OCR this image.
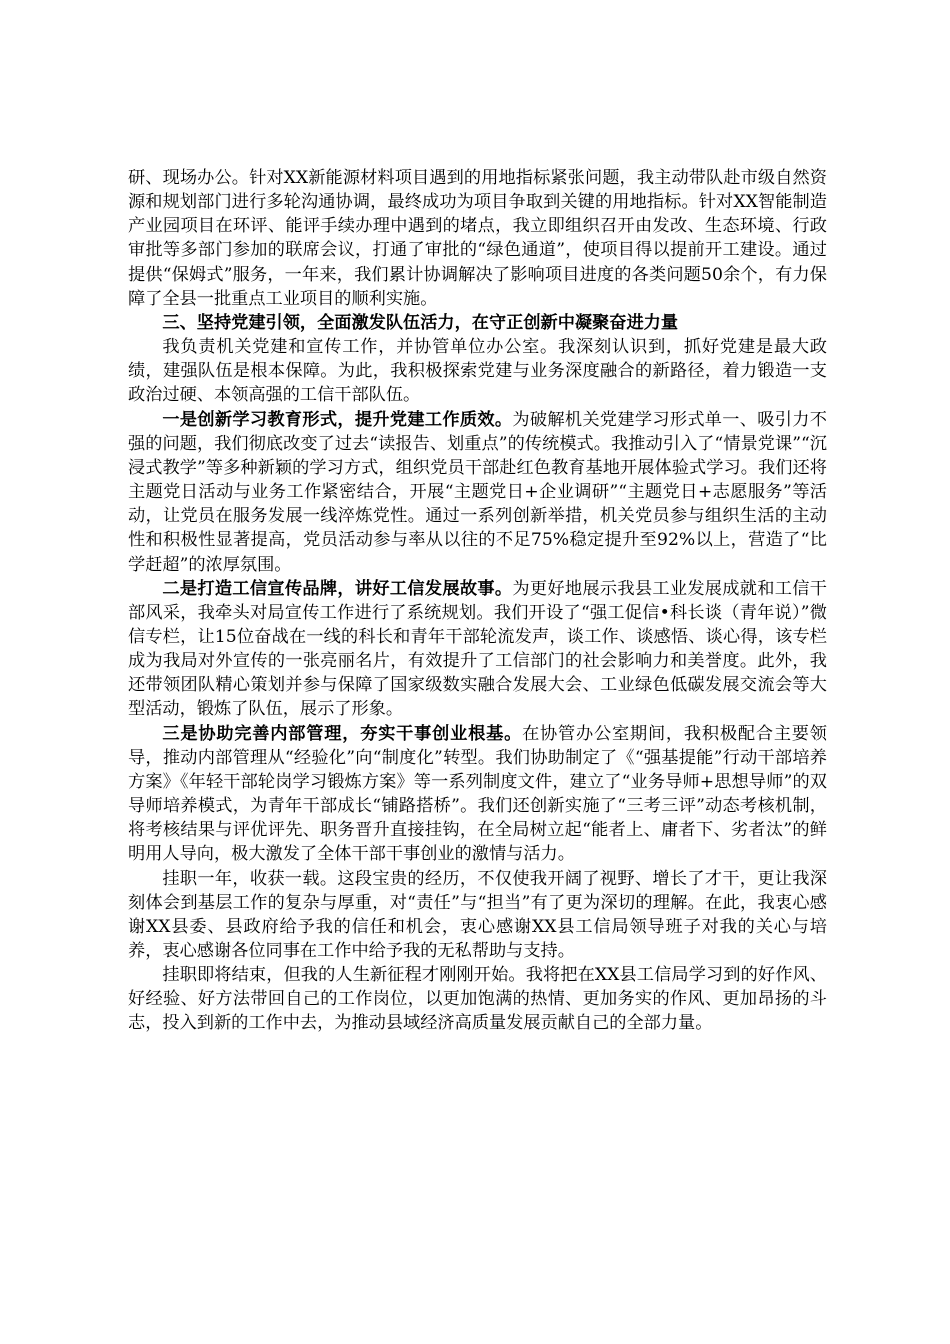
研、现场办公。针对XX新能源材料项目遇到的用地指标紧张问题，我主动带队赴市级自然资源和规划部门进行多轮沟通协调，最终成功为项目争取到关键的用地指标。针对XX智能制造产业园项目在环评、能评手续办理中遇到的堵点，我立即组织召开由发改、生态环境、行政审批等多部门参加的联席会议，打通了审批的“绿色通道”，使项目得以提前开工建设。通过提供“保姆式”服务，一年来，我们累计协调解决了影响项目进度的各类问题50余个，有力保障了全县一批重点工业项目的顺利实施。

三、坚持党建引领，全面激发队伍活力，在守正创新中凝聚奋进力量

我负责机关党建和宣传工作，并协管单位办公室。我深刻认识到，抓好党建是最大政绩，建强队伍是根本保障。为此，我积极探索党建与业务深度融合的新路径，着力锻造一支政治过硬、本领高强的工信干部队伍。

一是创新学习教育形式，提升党建工作质效。为破解机关党建学习形式单一、吸引力不强的问题，我们彻底改变了过去“读报告、划重点”的传统模式。我推动引入了“情景党课”“沉浸式教学”等多种新颖的学习方式，组织党员干部赴红色教育基地开展体验式学习。我们还将主题党日活动与业务工作紧密结合，开展“主题党日+企业调研”“主题党日+志愿服务”等活动，让党员在服务发展一线淬炼党性。通过一系列创新举措，机关党员参与组织生活的主动性和积极性显著提高，党员活动参与率从以往的不足75%稳定提升至92%以上，营造了“比学赶超”的浓厚氛围。

二是打造工信宣传品牌，讲好工信发展故事。为更好地展示我县工业发展成就和工信干部风采，我牵头对局宣传工作进行了系统规划。我们开设了“强工促信•科长谈（青年说）”微信专栏，让15位奋战在一线的科长和青年干部轮流发声，谈工作、谈感悟、谈心得，该专栏成为我局对外宣传的一张亮丽名片，有效提升了工信部门的社会影响力和美誉度。此外，我还带领团队精心策划并参与保障了国家级数实融合发展大会、工业绿色低碳发展交流会等大型活动，锻炼了队伍，展示了形象。

三是协助完善内部管理，夯实干事创业根基。在协管办公室期间，我积极配合主要领导，推动内部管理从“经验化”向“制度化”转型。我们协助制定了《“强基提能”行动干部培养方案》《年轻干部轮岗学习锻炼方案》等一系列制度文件，建立了“业务导师+思想导师”的双导师培养模式，为青年干部成长“铺路搭桥”。我们还创新实施了“三考三评”动态考核机制，将考核结果与评优评先、职务晋升直接挂钩，在全局树立起“能者上、庸者下、劣者汰”的鲜明用人导向，极大激发了全体干部干事创业的激情与活力。

挂职一年，收获一载。这段宝贵的经历，不仅使我开阔了视野、增长了才干，更让我深刻体会到基层工作的复杂与厚重，对“责任”与“担当”有了更为深切的理解。在此，我衷心感谢XX县委、县政府给予我的信任和机会，衷心感谢XX县工信局领导班子对我的关心与培养，衷心感谢各位同事在工作中给予我的无私帮助与支持。

挂职即将结束，但我的人生新征程才刚刚开始。我将把在XX县工信局学习到的好作风、好经验、好方法带回自己的工作岗位，以更加饱满的热情、更加务实的作风、更加昂扬的斗志，投入到新的工作中去，为推动县域经济高质量发展贡献自己的全部力量。
